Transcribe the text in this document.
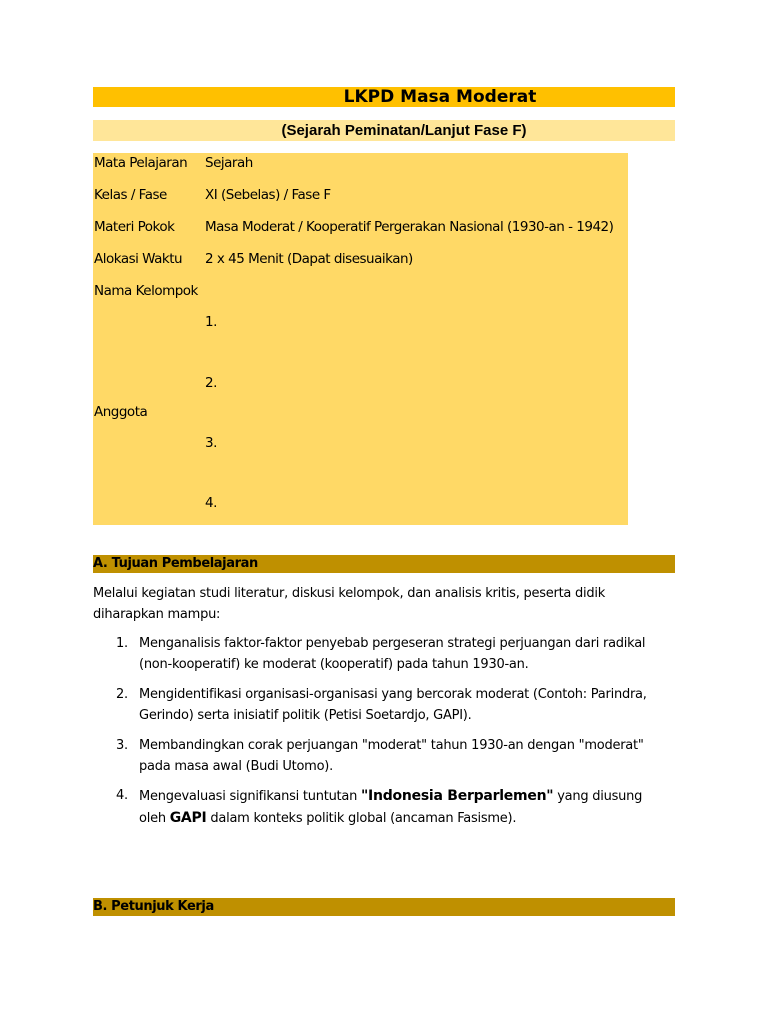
LKPD Masa Moderat
(Sejarah Peminatan/Lanjut Fase F)
Mata Pelajaran Sejarah
Kelas / Fase	XI (Sebelas) / Fase F
Materi Pokok Masa Moderat / Kooperatif Pergerakan Nasional (1930-an - 1942)
Alokasi Waktu 2 x 45 Menit (Dapat disesuaikan)
Nama Kelompok
1.
2.
Anggota
3.
4.
A. Tujuan Pembelajaran
Melalui kegiatan studi literatur, diskusi kelompok, dan analisis kritis, peserta didik diharapkan mampu:
1. Menganalisis faktor-faktor penyebab pergeseran strategi perjuangan dari radikal (non-kooperatif) ke moderat (kooperatif) pada tahun 1930-an.
2. Mengidentifikasi organisasi-organisasi yang bercorak moderat (Contoh: Parindra, Gerindo) serta inisiatif politik (Petisi Soetardjo, GAPI).
3. Membandingkan corak perjuangan "moderat" tahun 1930-an dengan "moderat" pada masa awal (Budi Utomo).
4. Mengevaluasi signifikansi tuntutan "Indonesia Berparlemen" yang diusung oleh GAPI dalam konteks politik global (ancaman Fasisme).
B. Petunjuk Kerja
